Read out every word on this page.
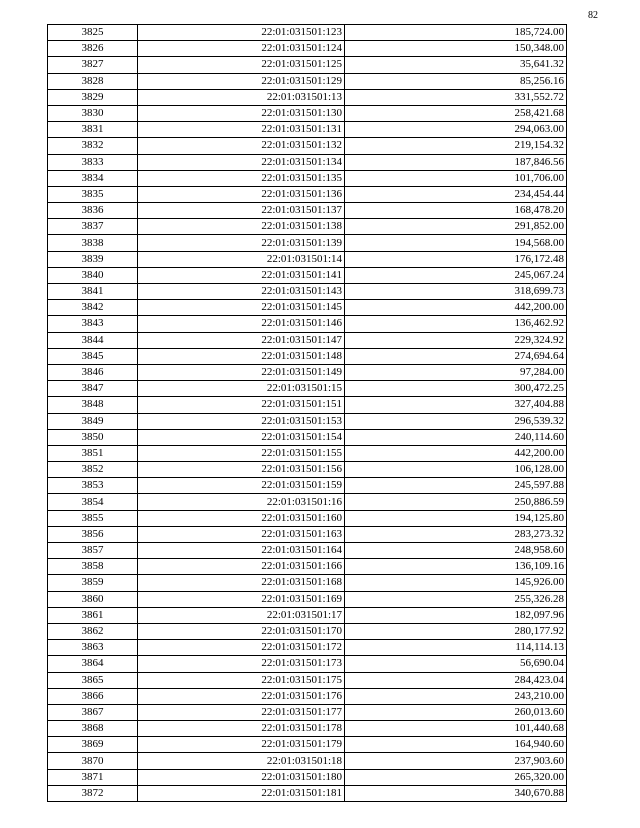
82
3825	22:01:031501:123	185,724.00
3826	22:01:031501:124	150,348.00
3827	22:01:031501:125	35,641.32
3828	22:01:031501:129	85,256.16
3829	22:01:031501:13	331,552.72
3830	22:01:031501:130	258,421.68
3831	22:01:031501:131	294,063.00
3832	22:01:031501:132	219,154.32
3833	22:01:031501:134	187,846.56
3834	22:01:031501:135	101,706.00
3835	22:01:031501:136	234,454.44
3836	22:01:031501:137	168,478.20
3837	22:01:031501:138	291,852.00
3838	22:01:031501:139	194,568.00
3839	22:01:031501:14	176,172.48
3840	22:01:031501:141	245,067.24
3841	22:01:031501:143	318,699.73
3842	22:01:031501:145	442,200.00
3843	22:01:031501:146	136,462.92
3844	22:01:031501:147	229,324.92
3845	22:01:031501:148	274,694.64
3846	22:01:031501:149	97,284.00
3847	22:01:031501:15	300,472.25
3848	22:01:031501:151	327,404.88
3849	22:01:031501:153	296,539.32
3850	22:01:031501:154	240,114.60
3851	22:01:031501:155	442,200.00
3852	22:01:031501:156	106,128.00
3853	22:01:031501:159	245,597.88
3854	22:01:031501:16	250,886.59
3855	22:01:031501:160	194,125.80
3856	22:01:031501:163	283,273.32
3857	22:01:031501:164	248,958.60
3858	22:01:031501:166	136,109.16
3859	22:01:031501:168	145,926.00
3860	22:01:031501:169	255,326.28
3861	22:01:031501:17	182,097.96
3862	22:01:031501:170	280,177.92
3863	22:01:031501:172	114,114.13
3864	22:01:031501:173	56,690.04
3865	22:01:031501:175	284,423.04
3866	22:01:031501:176	243,210.00
3867	22:01:031501:177	260,013.60
3868	22:01:031501:178	101,440.68
3869	22:01:031501:179	164,940.60
3870	22:01:031501:18	237,903.60
3871	22:01:031501:180	265,320.00
3872	22:01:031501:181	340,670.88
